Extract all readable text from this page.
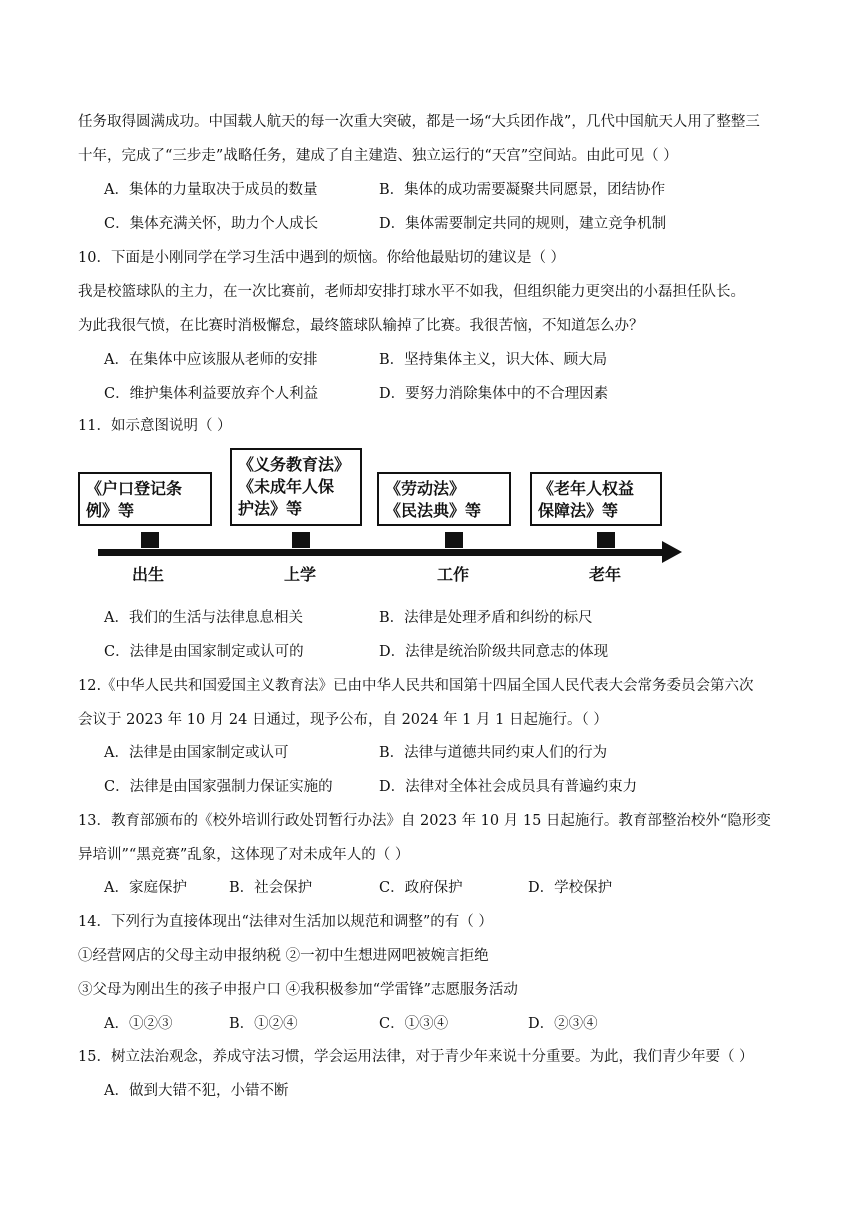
任务取得圆满成功。中国载人航天的每一次重大突破，都是一场“大兵团作战”，几代中国航天人用了整整三
十年，完成了“三步走”战略任务，建成了自主建造、独立运行的“天宫”空间站。由此可见（ ）
A．集体的力量取决于成员的数量	B．集体的成功需要凝聚共同愿景，团结协作
C．集体充满关怀，助力个人成长	D．集体需要制定共同的规则，建立竞争机制
10．下面是小刚同学在学习生活中遇到的烦恼。你给他最贴切的建议是（ ）
我是校篮球队的主力，在一次比赛前，老师却安排打球水平不如我，但组织能力更突出的小磊担任队长。
为此我很气愤，在比赛时消极懈怠，最终篮球队输掉了比赛。我很苦恼，不知道怎么办？
A．在集体中应该服从老师的安排	B．坚持集体主义，识大体、顾大局
C．维护集体利益要放弃个人利益	D．要努力消除集体中的不合理因素
11．如示意图说明（ ）
《户口登记条
例》等
《义务教育法》
《未成年人保
护法》等
《劳动法》
《民法典》等
《老年人权益
保障法》等
出生	上学	工作	老年
A．我们的生活与法律息息相关	B．法律是处理矛盾和纠纷的标尺
C．法律是由国家制定或认可的	D．法律是统治阶级共同意志的体现
12.《中华人民共和国爱国主义教育法》已由中华人民共和国第十四届全国人民代表大会常务委员会第六次
会议于 2023 年 10 月 24 日通过，现予公布，自 2024 年 1 月 1 日起施行。（ ）
A．法律是由国家制定或认可	B．法律与道德共同约束人们的行为
C．法律是由国家强制力保证实施的	D．法律对全体社会成员具有普遍约束力
13．教育部颁布的《校外培训行政处罚暂行办法》自 2023 年 10 月 15 日起施行。教育部整治校外“隐形变
异培训”“黑竞赛”乱象，这体现了对未成年人的（ ）
A．家庭保护	B．社会保护	C．政府保护	D．学校保护
14．下列行为直接体现出“法律对生活加以规范和调整”的有（ ）
①经营网店的父母主动申报纳税 ②一初中生想进网吧被婉言拒绝
③父母为刚出生的孩子申报户口 ④我积极参加“学雷锋”志愿服务活动
A．①②③	B．①②④	C．①③④	D．②③④
15．树立法治观念，养成守法习惯，学会运用法律，对于青少年来说十分重要。为此，我们青少年要（ ）
A．做到大错不犯，小错不断
